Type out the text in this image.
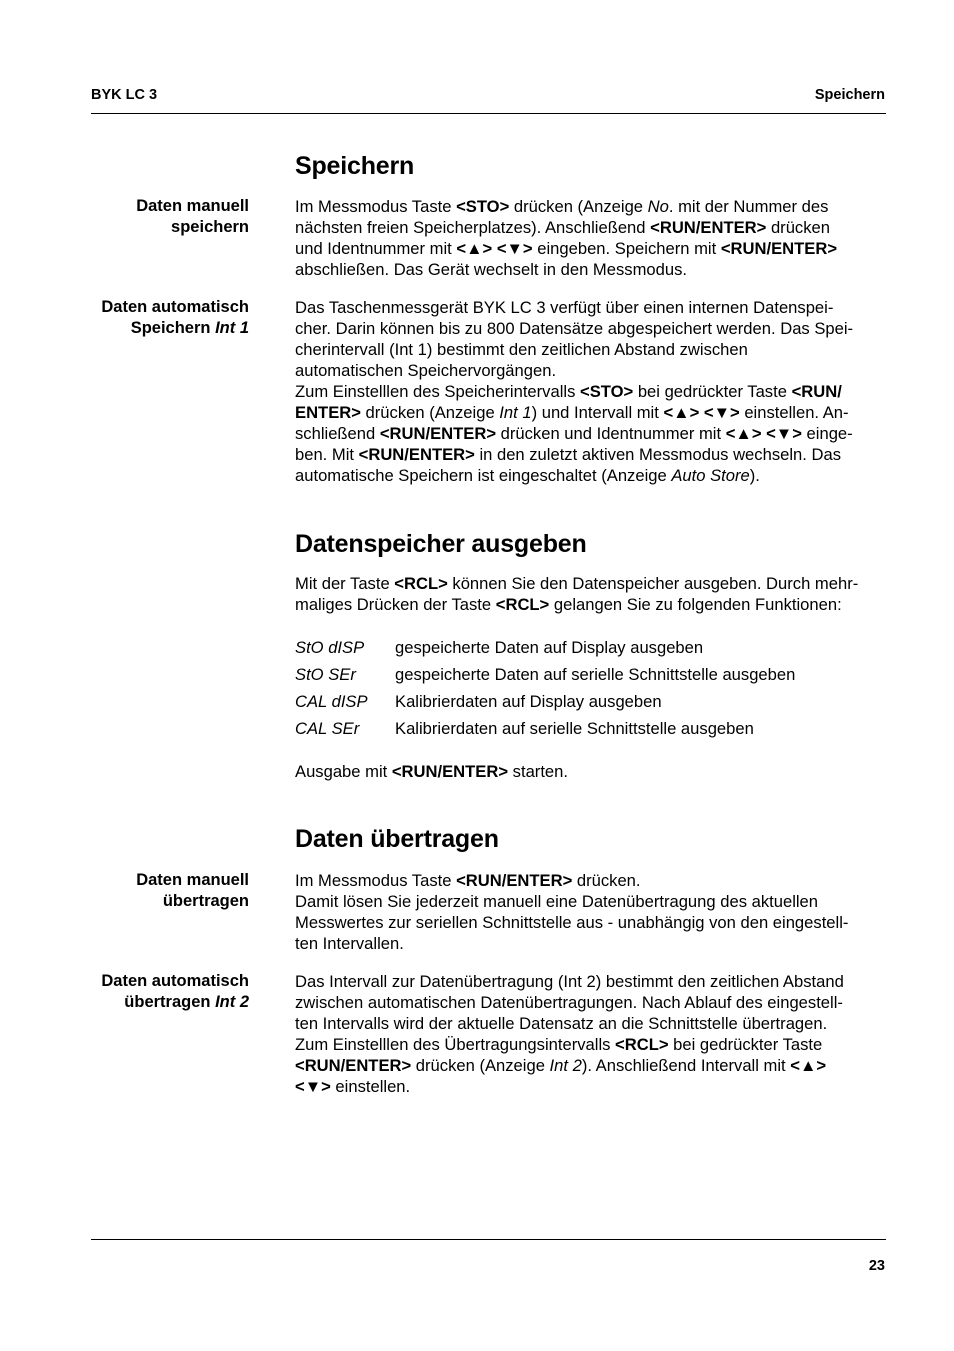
BYK LC 3	Speichern
Speichern
Daten manuell
speichern
Im Messmodus Taste <STO> drücken (Anzeige No. mit der Nummer des
nächsten freien Speicherplatzes). Anschließend <RUN/ENTER> drücken
und Identnummer mit <▲> <▼> eingeben. Speichern mit <RUN/ENTER>
abschließen. Das Gerät wechselt in den Messmodus.
Daten automatisch
Speichern Int 1
Das Taschenmessgerät BYK LC 3 verfügt über einen internen Datenspei-
cher. Darin können bis zu 800 Datensätze abgespeichert werden. Das Spei-
cherintervall (Int 1) bestimmt den zeitlichen Abstand zwischen
automatischen Speichervorgängen.
Zum Einstelllen des Speicherintervalls <STO> bei gedrückter Taste <RUN/
ENTER> drücken (Anzeige Int 1) und Intervall mit <▲> <▼> einstellen. An-
schließend <RUN/ENTER> drücken und Identnummer mit <▲> <▼> einge-
ben. Mit <RUN/ENTER> in den zuletzt aktiven Messmodus wechseln. Das
automatische Speichern ist eingeschaltet (Anzeige Auto Store).
Datenspeicher ausgeben
Mit der Taste <RCL> können Sie den Datenspeicher ausgeben. Durch mehr-
maliges Drücken der Taste <RCL> gelangen Sie zu folgenden Funktionen:
StO dISP gespeicherte Daten auf Display ausgeben
StO SEr gespeicherte Daten auf serielle Schnittstelle ausgeben
CAL dISP Kalibrierdaten auf Display ausgeben
CAL SEr Kalibrierdaten auf serielle Schnittstelle ausgeben
Ausgabe mit <RUN/ENTER> starten.
Daten übertragen
Daten manuell
übertragen
Im Messmodus Taste <RUN/ENTER> drücken.
Damit lösen Sie jederzeit manuell eine Datenübertragung des aktuellen
Messwertes zur seriellen Schnittstelle aus - unabhängig von den eingestell-
ten Intervallen.
Daten automatisch
übertragen Int 2
Das Intervall zur Datenübertragung (Int 2) bestimmt den zeitlichen Abstand
zwischen automatischen Datenübertragungen. Nach Ablauf des eingestell-
ten Intervalls wird der aktuelle Datensatz an die Schnittstelle übertragen.
Zum Einstelllen des Übertragungsintervalls <RCL> bei gedrückter Taste
<RUN/ENTER> drücken (Anzeige Int 2). Anschließend Intervall mit <▲>
<▼> einstellen.
23
